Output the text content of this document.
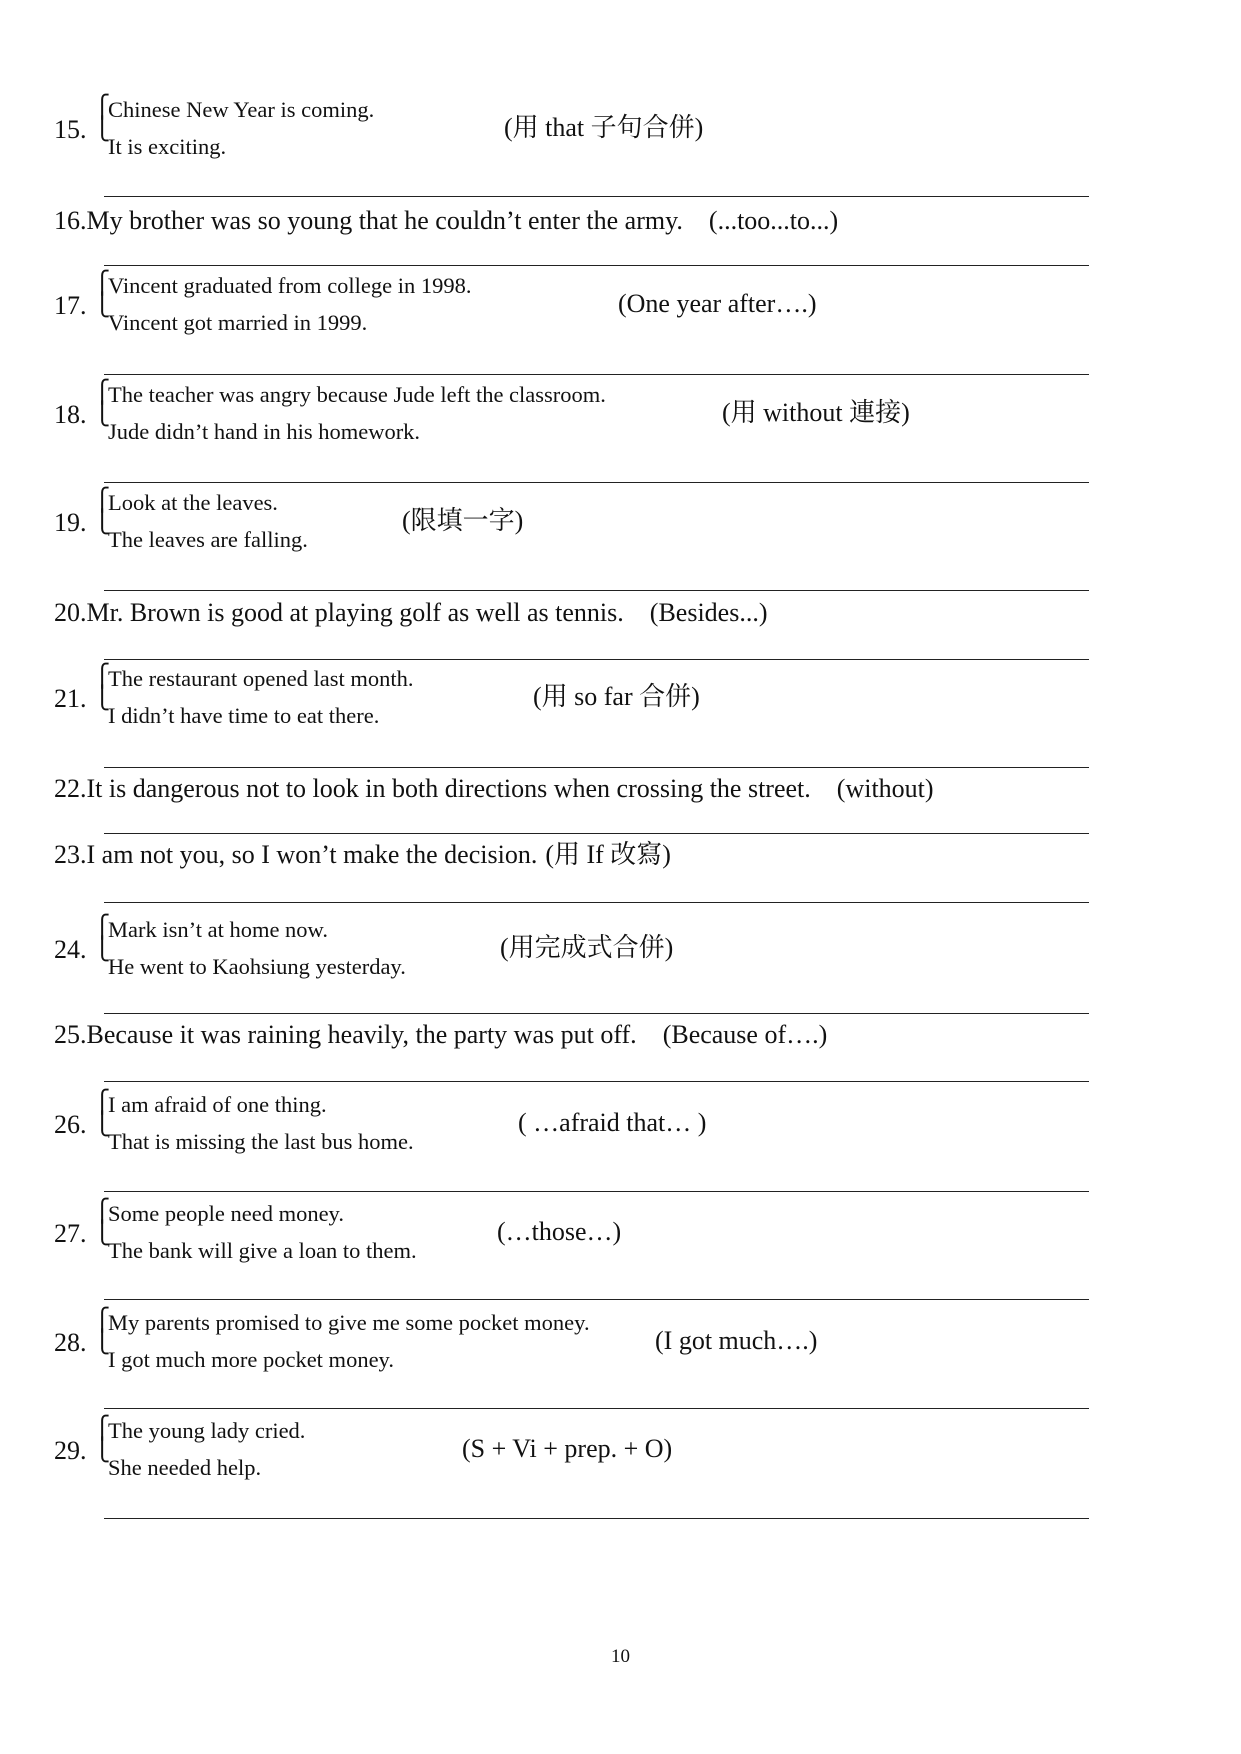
15.
⎧
⎩
Chinese New Year is coming.
It is exciting.
(用 that 子句合併)
16.My brother was so young that he couldn’t enter the army. (...too...to...)
17.
⎧
⎩
Vincent graduated from college in 1998.
Vincent got married in 1999.
(One year after….)
18.
⎧
⎩
The teacher was angry because Jude left the classroom.
Jude didn’t hand in his homework.
(用 without 連接)
19.
⎧
⎩
Look at the leaves.
The leaves are falling.
(限填一字)
20.Mr. Brown is good at playing golf as well as tennis. (Besides...)
21.
⎧
⎩
The restaurant opened last month.
I didn’t have time to eat there.
(用 so far 合併)
22.It is dangerous not to look in both directions when crossing the street. (without)
23.I am not you, so I won’t make the decision. (用 If 改寫)
24.
⎧
⎩
Mark isn’t at home now.
He went to Kaohsiung yesterday.
(用完成式合併)
25.Because it was raining heavily, the party was put off. (Because of….)
26.
⎧
⎩
I am afraid of one thing.
That is missing the last bus home.
( …afraid that… )
27.
⎧
⎩
Some people need money.
The bank will give a loan to them.
(…those…)
28.
⎧
⎩
My parents promised to give me some pocket money.
I got much more pocket money.
(I got much….)
29.
⎧
⎩
The young lady cried.
She needed help.
(S + Vi + prep. + O)
10
